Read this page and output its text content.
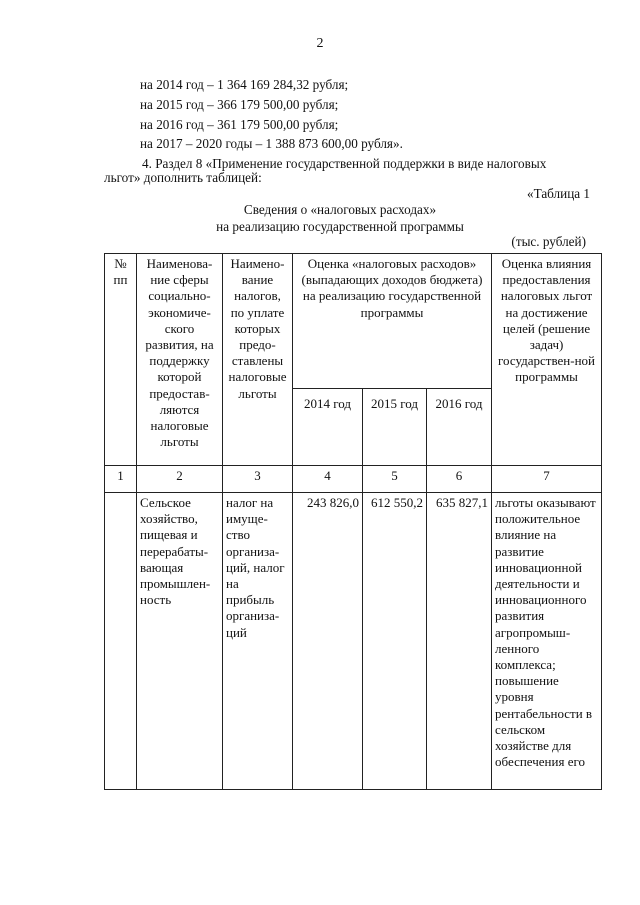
2
на 2014 год – 1 364 169 284,32 рубля;
на 2015 год – 366 179 500,00 рубля;
на 2016 год – 361 179 500,00 рубля;
на 2017 – 2020 годы – 1 388 873 600,00 рубля».
4. Раздел 8 «Применение государственной поддержки в виде налоговых
льгот» дополнить таблицей:
«Таблица 1
Сведения о «налоговых расходах»
на реализацию государственной программы
(тыс. рублей)
№ пп	Наименова-ние сферы социально-экономиче-ского развития, на поддержку которой предостав-ляются налоговые льготы	Наимено-вание налогов, по уплате которых предо-ставлены налоговые льготы	Оценка «налоговых расходов» (выпадающих доходов бюджета) на реализацию государственной программы			Оценка влияния предоставления налоговых льгот на достижение целей (решение задач) государствен-ной программы
			2014 год	2015 год	2016 год	
1	2	3	4	5	6	7
	Сельское хозяйство, пищевая и перерабаты-вающая промышлен-ность	налог на имуще-ство организа-ций, налог на прибыль организа-ций	243 826,0	612 550,2	635 827,1	льготы оказывают положительное влияние на развитие инновационной деятельности и инновационного развития агропромыш-ленного комплекса; повышение уровня рентабельности в сельском хозяйстве для обеспечения его
